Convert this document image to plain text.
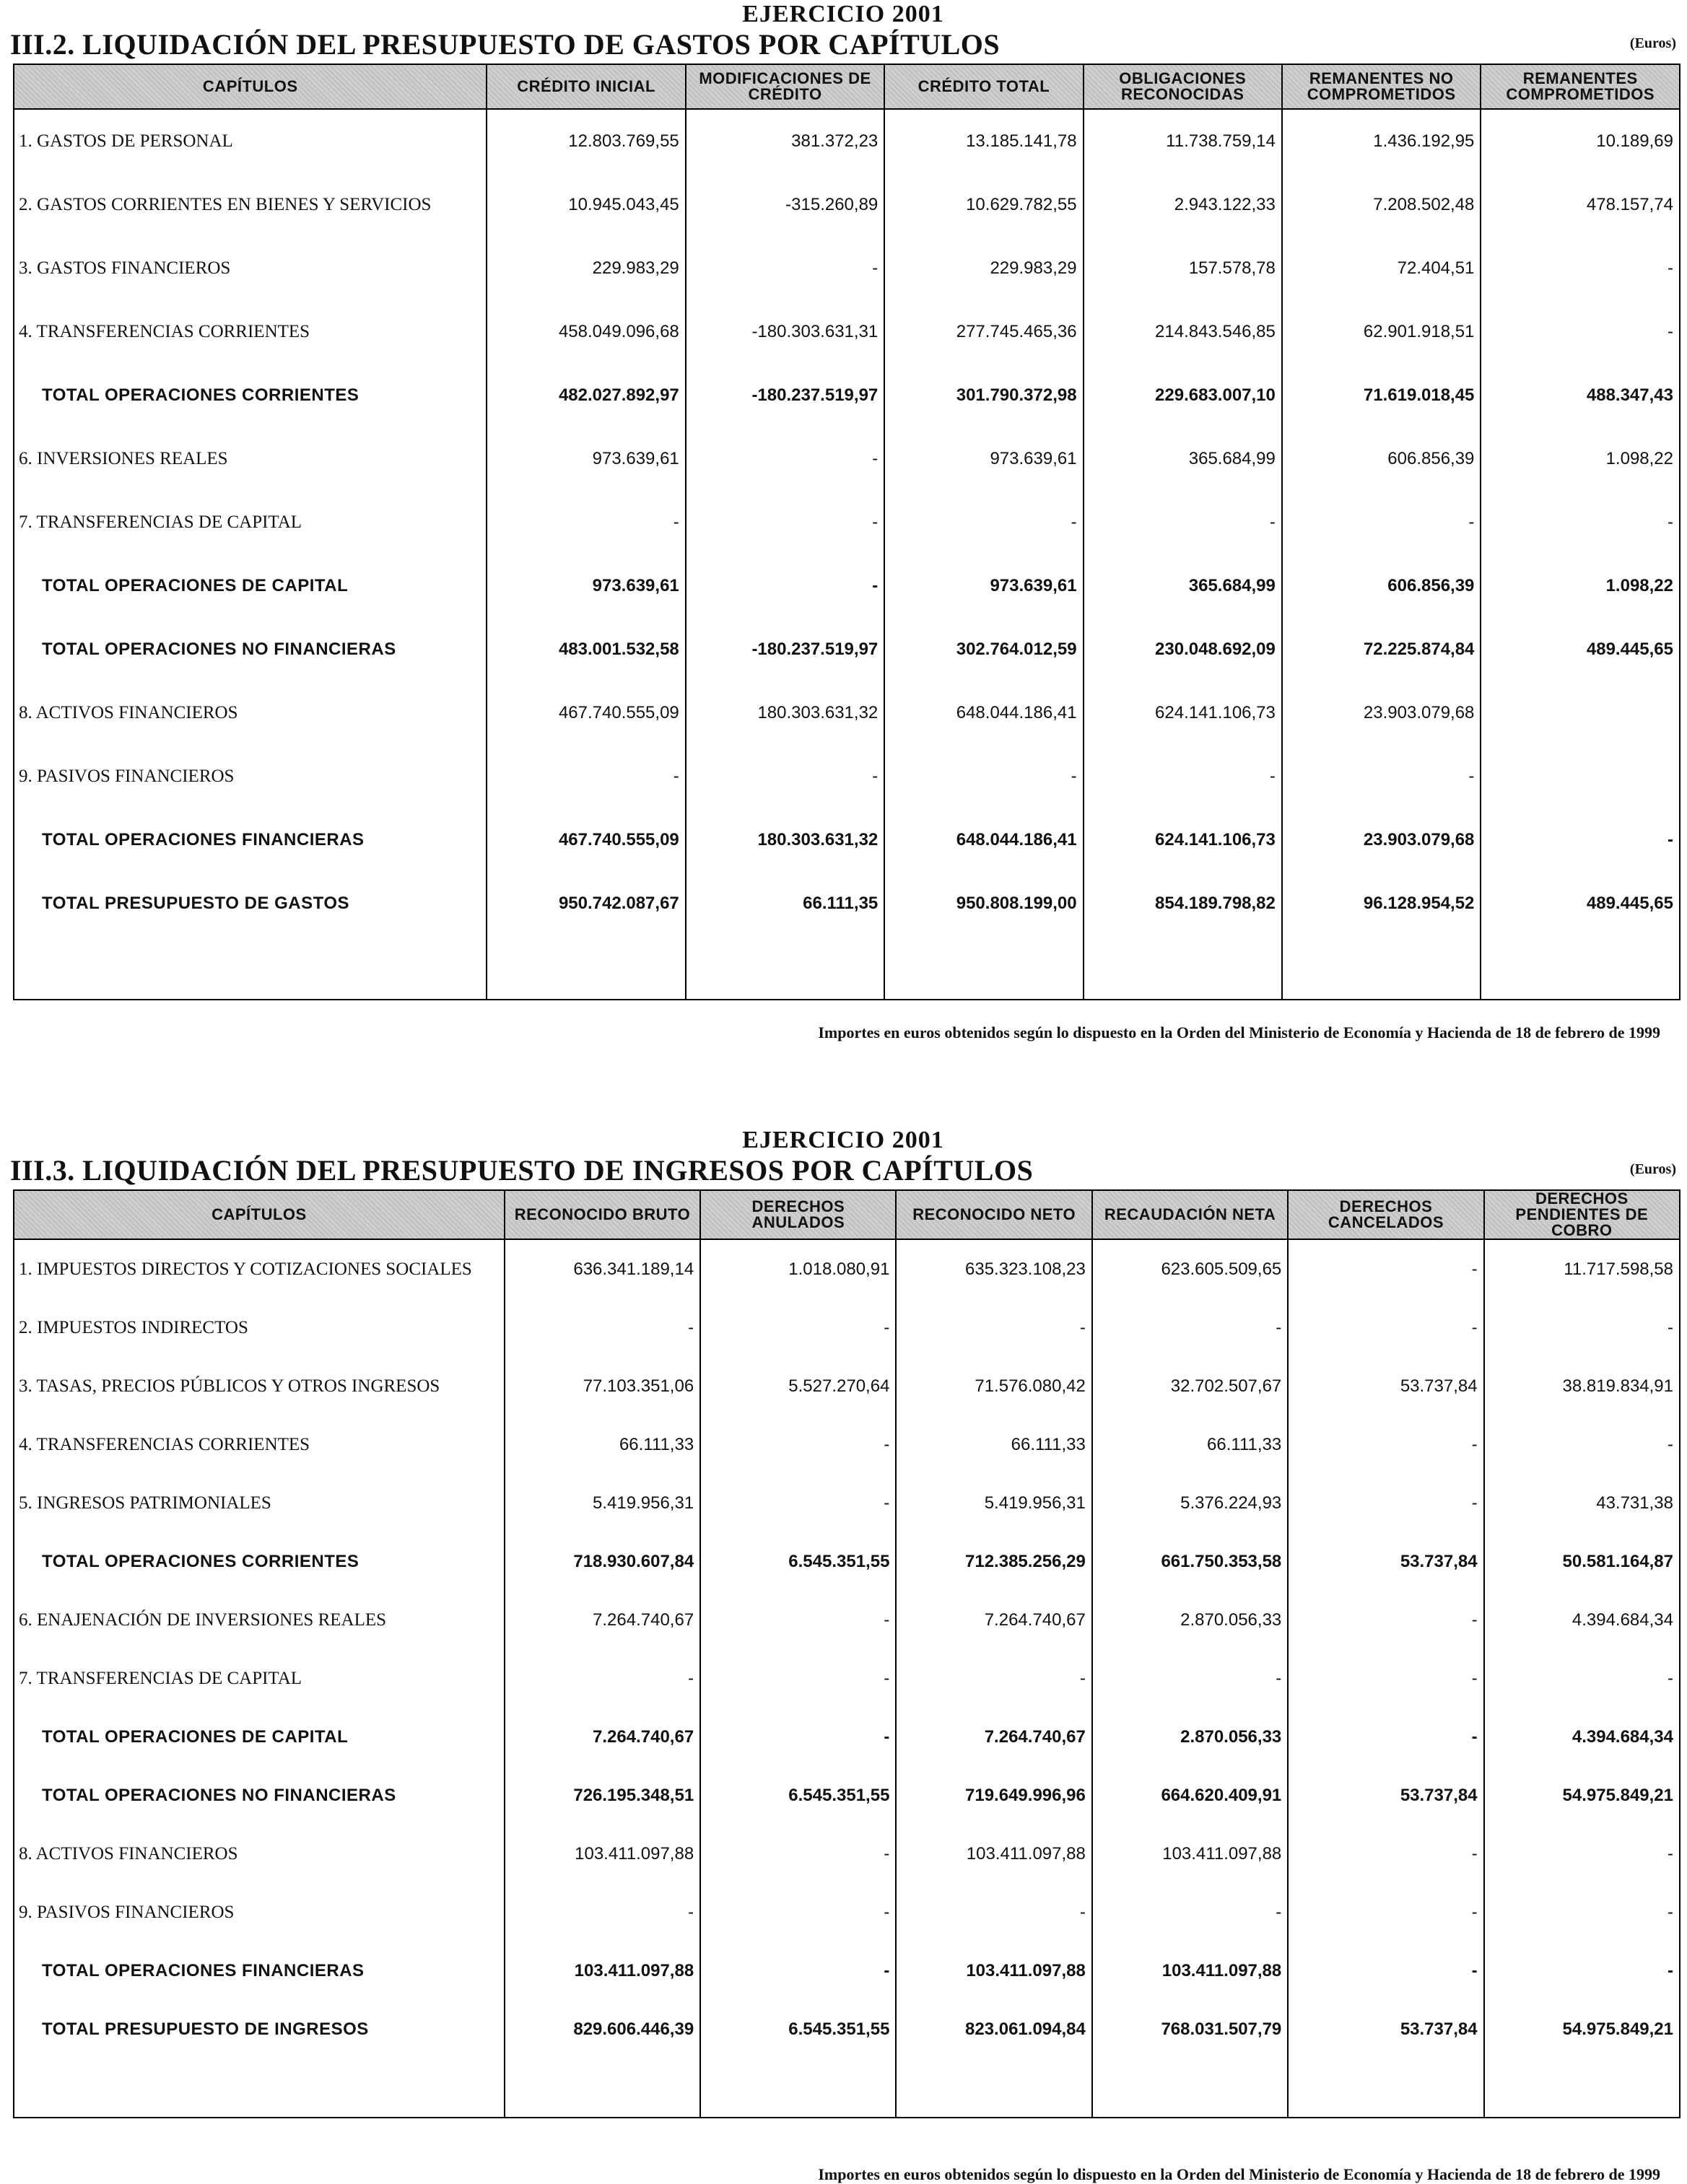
EJERCICIO 2001
III.2. LIQUIDACIÓN DEL PRESUPUESTO DE GASTOS POR CAPÍTULOS	(Euros)
CAPÍTULOS	CRÉDITO INICIAL	MODIFICACIONES DE CRÉDITO	CRÉDITO TOTAL	OBLIGACIONES RECONOCIDAS	REMANENTES NO COMPROMETIDOS	REMANENTES COMPROMETIDOS
1. GASTOS DE PERSONAL	12.803.769,55	381.372,23	13.185.141,78	11.738.759,14	1.436.192,95	10.189,69
2. GASTOS CORRIENTES EN BIENES Y SERVICIOS	10.945.043,45	-315.260,89	10.629.782,55	2.943.122,33	7.208.502,48	478.157,74
3. GASTOS FINANCIEROS	229.983,29	-	229.983,29	157.578,78	72.404,51	-
4. TRANSFERENCIAS CORRIENTES	458.049.096,68	-180.303.631,31	277.745.465,36	214.843.546,85	62.901.918,51	-
TOTAL OPERACIONES CORRIENTES	482.027.892,97	-180.237.519,97	301.790.372,98	229.683.007,10	71.619.018,45	488.347,43
6. INVERSIONES REALES	973.639,61	-	973.639,61	365.684,99	606.856,39	1.098,22
7. TRANSFERENCIAS DE CAPITAL	-	-	-	-	-	-
TOTAL OPERACIONES DE CAPITAL	973.639,61	-	973.639,61	365.684,99	606.856,39	1.098,22
TOTAL OPERACIONES NO FINANCIERAS	483.001.532,58	-180.237.519,97	302.764.012,59	230.048.692,09	72.225.874,84	489.445,65
8. ACTIVOS FINANCIEROS	467.740.555,09	180.303.631,32	648.044.186,41	624.141.106,73	23.903.079,68	
9. PASIVOS FINANCIEROS	-	-	-	-	-	
TOTAL OPERACIONES FINANCIERAS	467.740.555,09	180.303.631,32	648.044.186,41	624.141.106,73	23.903.079,68	-
TOTAL PRESUPUESTO DE GASTOS	950.742.087,67	66.111,35	950.808.199,00	854.189.798,82	96.128.954,52	489.445,65

Importes en euros obtenidos según lo dispuesto en la Orden del Ministerio de Economía y Hacienda de 18 de febrero de 1999
EJERCICIO 2001
III.3. LIQUIDACIÓN DEL PRESUPUESTO DE INGRESOS POR CAPÍTULOS	(Euros)
CAPÍTULOS	RECONOCIDO BRUTO	DERECHOS ANULADOS	RECONOCIDO NETO	RECAUDACIÓN NETA	DERECHOS CANCELADOS	DERECHOS PENDIENTES DE COBRO
1. IMPUESTOS DIRECTOS Y COTIZACIONES SOCIALES	636.341.189,14	1.018.080,91	635.323.108,23	623.605.509,65	-	11.717.598,58
2. IMPUESTOS INDIRECTOS	-	-	-	-	-	-
3. TASAS, PRECIOS PÚBLICOS Y OTROS INGRESOS	77.103.351,06	5.527.270,64	71.576.080,42	32.702.507,67	53.737,84	38.819.834,91
4. TRANSFERENCIAS CORRIENTES	66.111,33	-	66.111,33	66.111,33	-	-
5. INGRESOS PATRIMONIALES	5.419.956,31	-	5.419.956,31	5.376.224,93	-	43.731,38
TOTAL OPERACIONES CORRIENTES	718.930.607,84	6.545.351,55	712.385.256,29	661.750.353,58	53.737,84	50.581.164,87
6. ENAJENACIÓN DE INVERSIONES REALES	7.264.740,67	-	7.264.740,67	2.870.056,33	-	4.394.684,34
7. TRANSFERENCIAS DE CAPITAL	-	-	-	-	-	-
TOTAL OPERACIONES DE CAPITAL	7.264.740,67	-	7.264.740,67	2.870.056,33	-	4.394.684,34
TOTAL OPERACIONES NO FINANCIERAS	726.195.348,51	6.545.351,55	719.649.996,96	664.620.409,91	53.737,84	54.975.849,21
8. ACTIVOS FINANCIEROS	103.411.097,88	-	103.411.097,88	103.411.097,88	-	-
9. PASIVOS FINANCIEROS	-	-	-	-	-	-
TOTAL OPERACIONES FINANCIERAS	103.411.097,88	-	103.411.097,88	103.411.097,88	-	-
TOTAL PRESUPUESTO DE INGRESOS	829.606.446,39	6.545.351,55	823.061.094,84	768.031.507,79	53.737,84	54.975.849,21

Importes en euros obtenidos según lo dispuesto en la Orden del Ministerio de Economía y Hacienda de 18 de febrero de 1999
